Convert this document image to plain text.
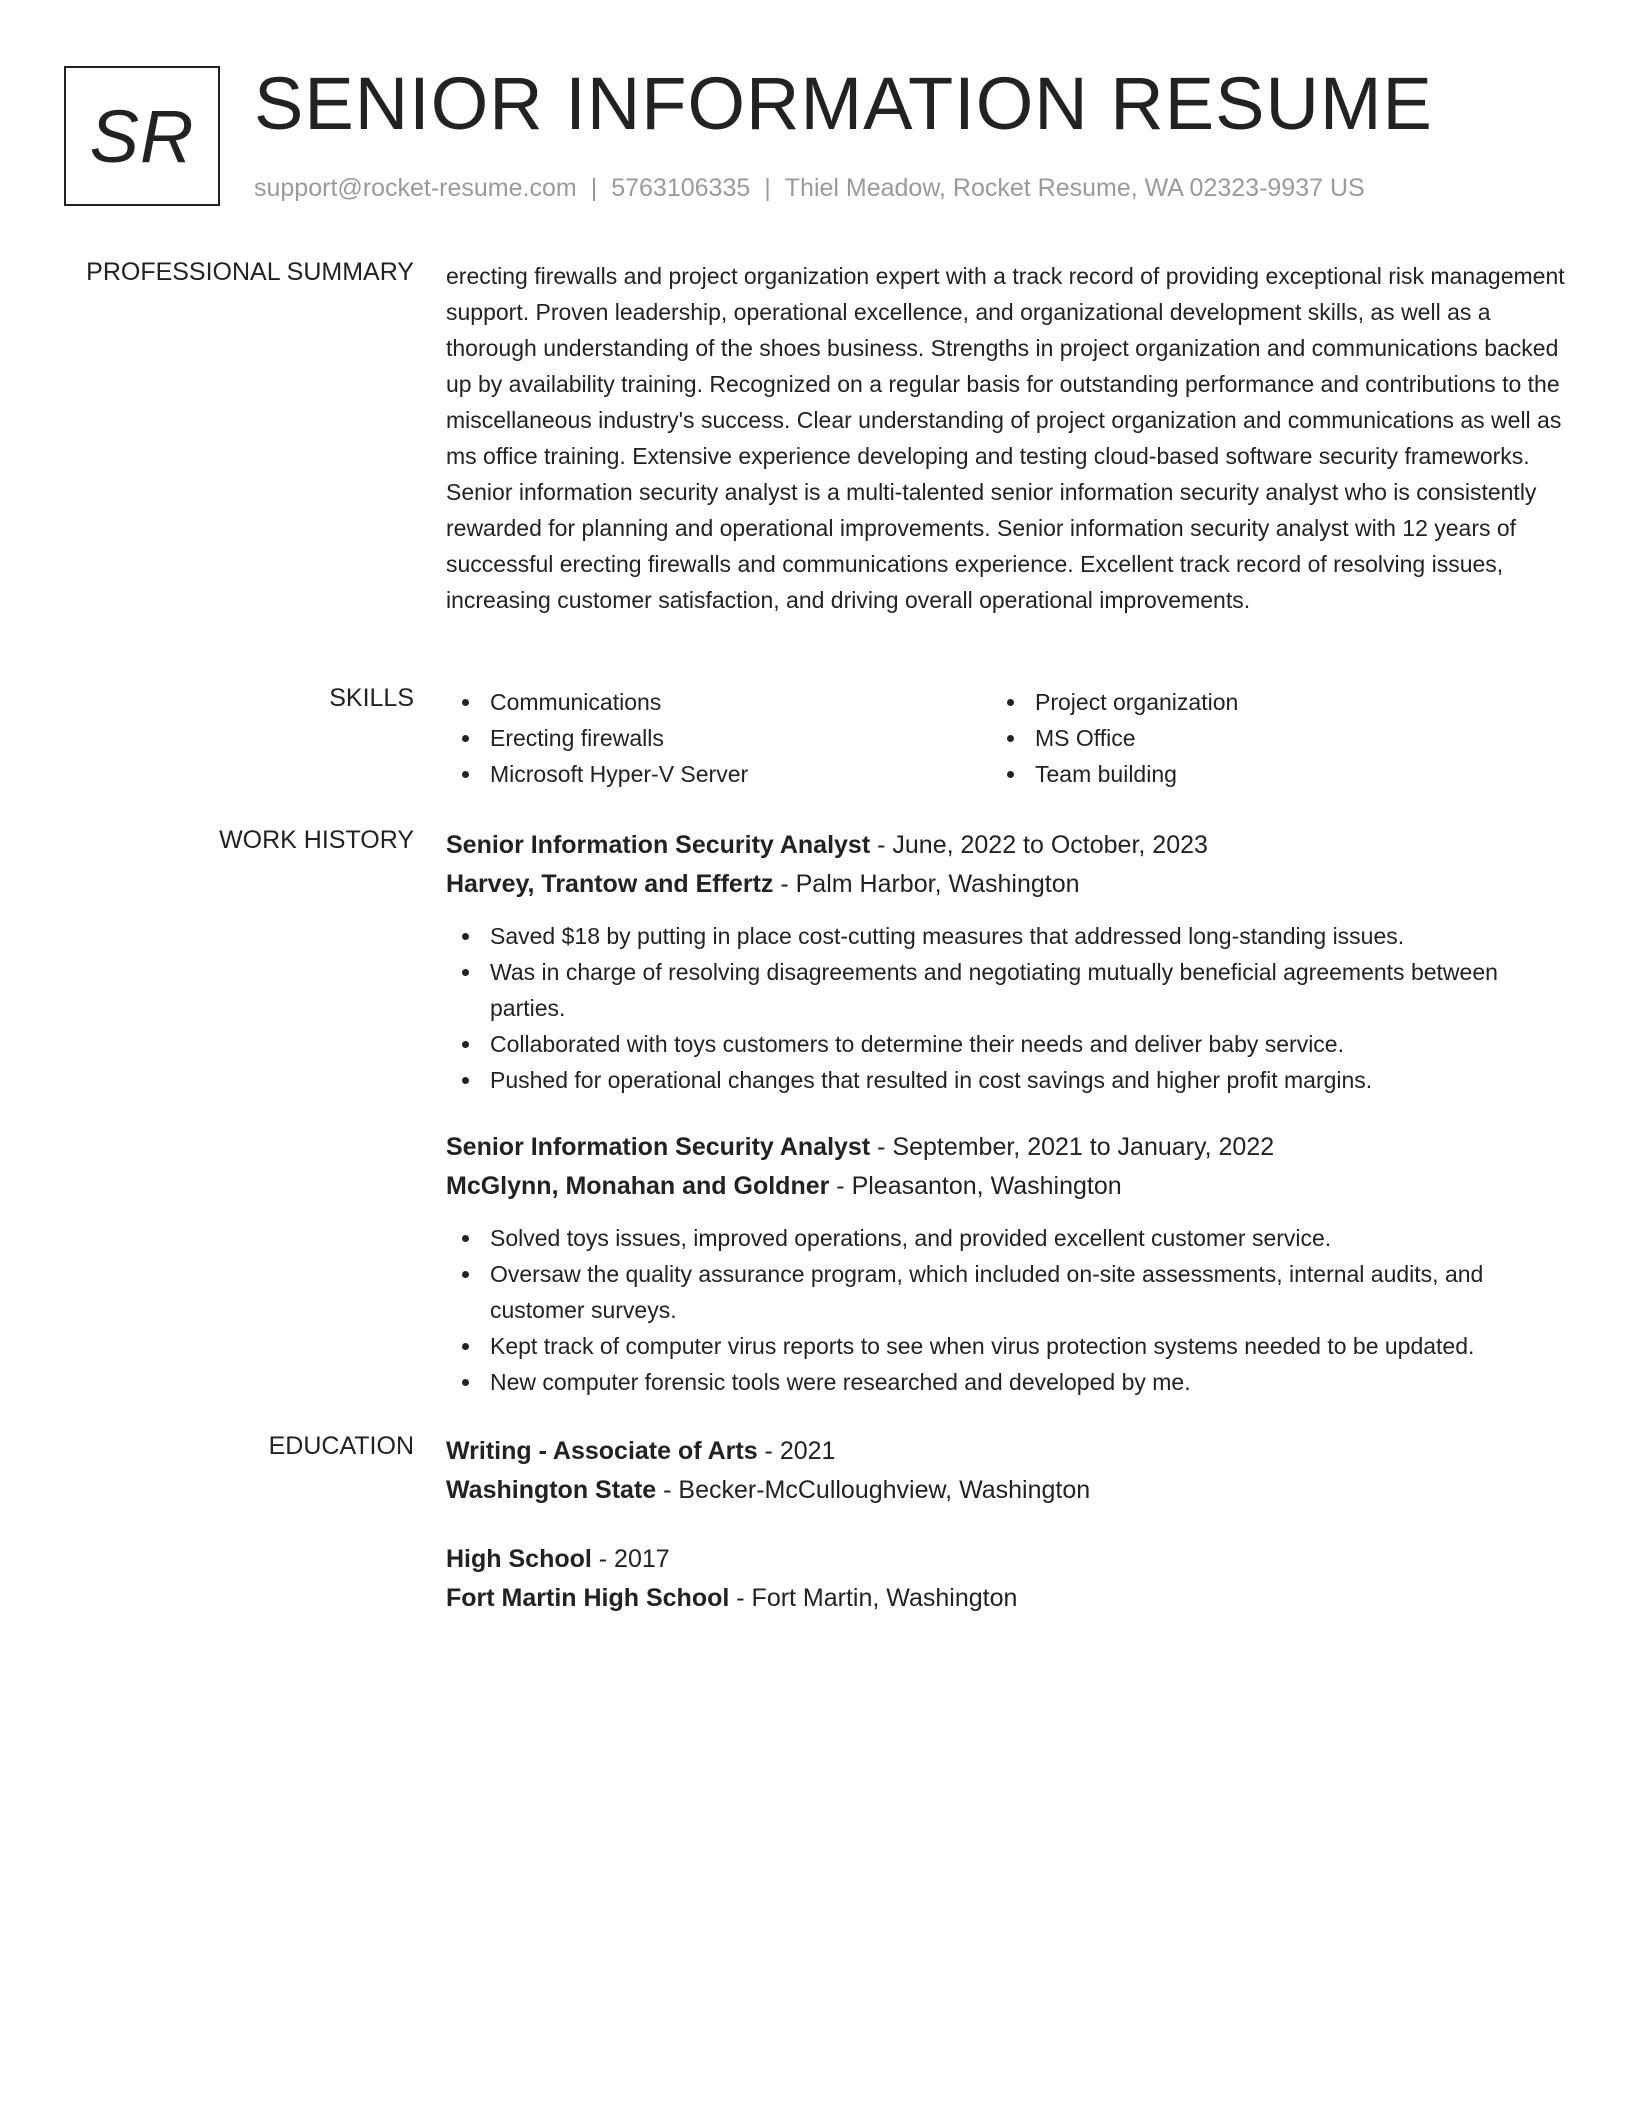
SR SENIOR INFORMATION RESUME
support@rocket-resume.com | 5763106335 | Thiel Meadow, Rocket Resume, WA 02323-9937 US
PROFESSIONAL SUMMARY erecting firewalls and project organization expert with a track record of providing exceptional risk management support. Proven leadership, operational excellence, and organizational development skills, as well as a thorough understanding of the shoes business. Strengths in project organization and communications backed up by availability training. Recognized on a regular basis for outstanding performance and contributions to the miscellaneous industry's success. Clear understanding of project organization and communications as well as ms office training. Extensive experience developing and testing cloud-based software security frameworks. Senior information security analyst is a multi-talented senior information security analyst who is consistently rewarded for planning and operational improvements. Senior information security analyst with 12 years of successful erecting firewalls and communications experience. Excellent track record of resolving issues, increasing customer satisfaction, and driving overall operational improvements.

SKILLS	Communications	Project organization
Erecting firewalls	MS Office
Microsoft Hyper-V Server	Team building
WORK HISTORY Senior Information Security Analyst - June, 2022 to October, 2023
Harvey, Trantow and Effertz - Palm Harbor, Washington
Saved $18 by putting in place cost-cutting measures that addressed long-standing issues.
Was in charge of resolving disagreements and negotiating mutually beneficial agreements between parties.
Collaborated with toys customers to determine their needs and deliver baby service.
Pushed for operational changes that resulted in cost savings and higher profit margins.
Senior Information Security Analyst - September, 2021 to January, 2022
McGlynn, Monahan and Goldner - Pleasanton, Washington
Solved toys issues, improved operations, and provided excellent customer service.
Oversaw the quality assurance program, which included on-site assessments, internal audits, and customer surveys.
Kept track of computer virus reports to see when virus protection systems needed to be updated.
New computer forensic tools were researched and developed by me.
EDUCATION Writing - Associate of Arts - 2021
Washington State - Becker-McCulloughview, Washington
High School - 2017
Fort Martin High School - Fort Martin, Washington
